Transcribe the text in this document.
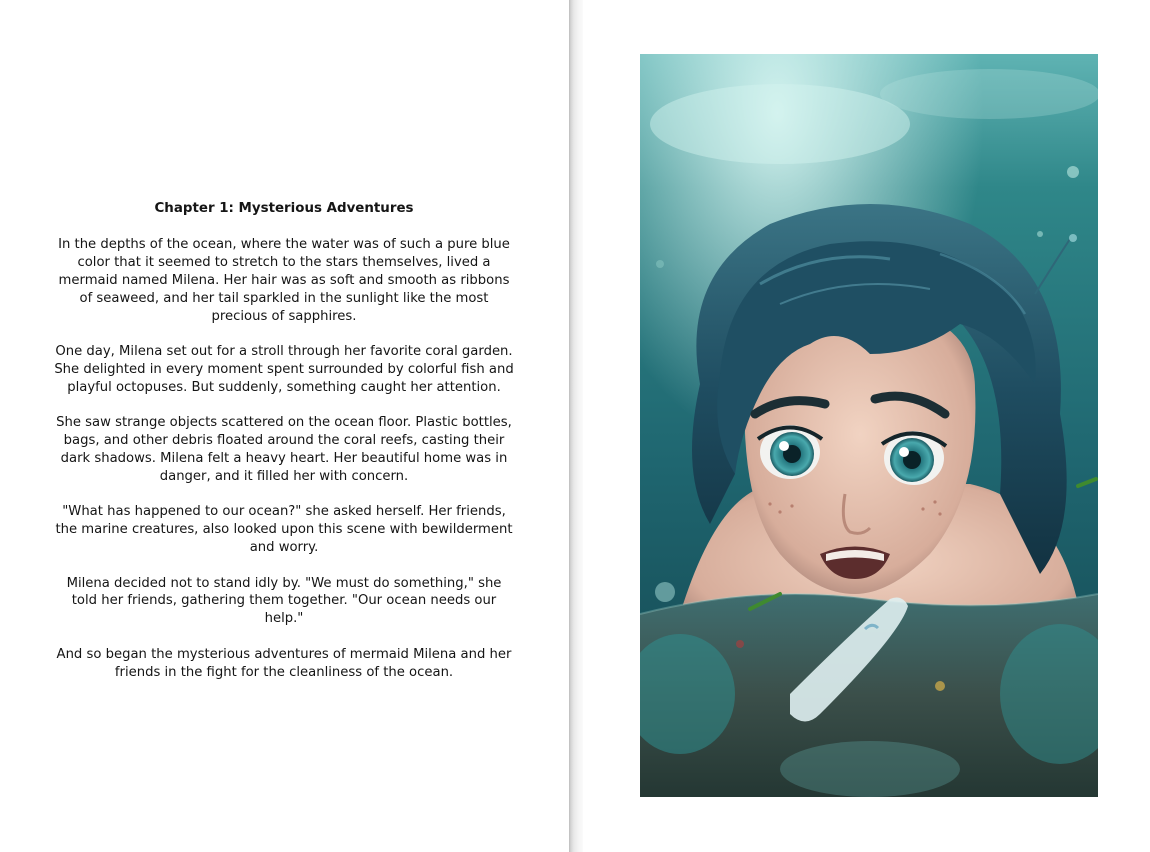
Chapter 1: Mysterious Adventures

In the depths of the ocean, where the water was of such a pure blue color that it seemed to stretch to the stars themselves, lived a mermaid named Milena. Her hair was as soft and smooth as ribbons of seaweed, and her tail sparkled in the sunlight like the most precious of sapphires.

One day, Milena set out for a stroll through her favorite coral garden. She delighted in every moment spent surrounded by colorful fish and playful octopuses. But suddenly, something caught her attention.

She saw strange objects scattered on the ocean floor. Plastic bottles, bags, and other debris floated around the coral reefs, casting their dark shadows. Milena felt a heavy heart. Her beautiful home was in danger, and it filled her with concern.

"What has happened to our ocean?" she asked herself. Her friends, the marine creatures, also looked upon this scene with bewilderment and worry.

Milena decided not to stand idly by. "We must do something," she told her friends, gathering them together. "Our ocean needs our help."

And so began the mysterious adventures of mermaid Milena and her friends in the fight for the cleanliness of the ocean.
